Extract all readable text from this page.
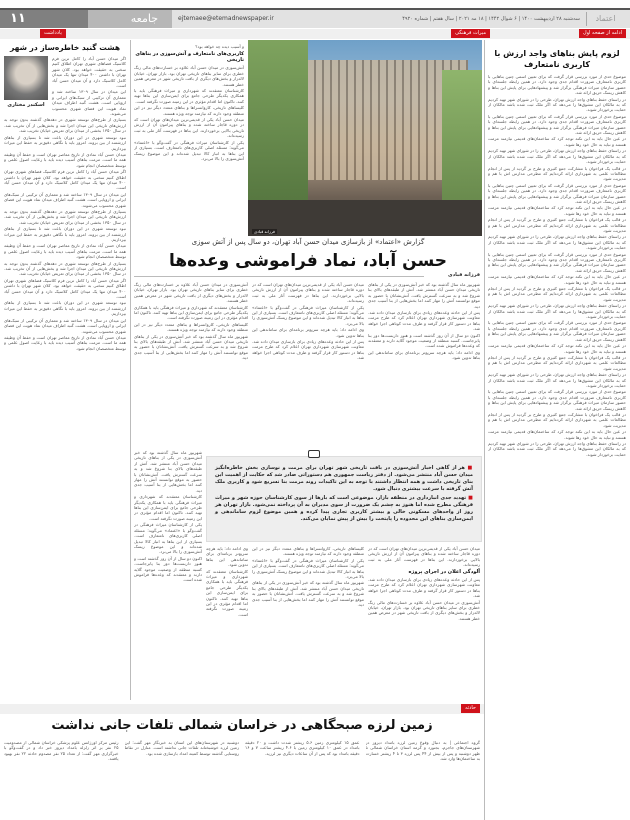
۱۱	جامعه	ejtemaee@etemadnewspaper.ir	سه‌شنبه ۲۸ اردیبهشت ۱۴۰۰ | ۶ شوال ۱۴۴۲ | ۱۸ مه ۲۰۲۱ | سال هفتم | شماره ۴۹۲۰	اعتماد
ادامه از صفحه اول
میراث فرهنگی
یادداشت
لزوم پایش بناهای واجد ارزش با کاربری نامتعارف

موضوع حدی از مورد بررسی قرار گرفت که برای تعیین اسمی چنین بناهایی با کاربری نامتعارف ضرورت اقدام جدی وجود دارد. در همین رابطه جلسه‌ای با حضور سازمان میراث فرهنگی برگزار شد و پیشنهادهایی برای پایش این بناها و کاهش ریسک حریق ارائه شد.

در راستای حفظ بناهای واجد ارزش تهران، طرحی را در شورای شهر تهیه کردیم که به مالکان این مشوق‌ها را می‌دهد که اگر ملک ثبت شده باشد مالکان از حمایت برخوردار شوند.

موضوع حدی از مورد بررسی قرار گرفت که برای تعیین اسمی چنین بناهایی با کاربری نامتعارف ضرورت اقدام جدی وجود دارد. در همین رابطه جلسه‌ای با حضور سازمان میراث فرهنگی برگزار شد و پیشنهادهایی برای پایش این بناها و کاهش ریسک حریق ارائه شد.

در عین حال باید به این نکته توجه کرد که ساختمان‌های قدیمی نیازمند مرمت هستند و نباید به حال خود رها شوند.

در راستای حفظ بناهای واجد ارزش تهران، طرحی را در شورای شهر تهیه کردیم که به مالکان این مشوق‌ها را می‌دهد که اگر ملک ثبت شده باشد مالکان از حمایت برخوردار شوند.

در قالب یک فراخوان با مشارکت جمع کثیری و طرح بر گردید از پس از انجام مطالعات علمی به شهرداری ارائه کرده‌ایم که مطرحی مدارس اش با هم و مدیریت شود.

موضوع حدی از مورد بررسی قرار گرفت که برای تعیین اسمی چنین بناهایی با کاربری نامتعارف ضرورت اقدام جدی وجود دارد. در همین رابطه جلسه‌ای با حضور سازمان میراث فرهنگی برگزار شد و پیشنهادهایی برای پایش این بناها و کاهش ریسک حریق ارائه شد.

در عین حال باید به این نکته توجه کرد که ساختمان‌های قدیمی نیازمند مرمت هستند و نباید به حال خود رها شوند.

در قالب یک فراخوان با مشارکت جمع کثیری و طرح بر گردید از پس از انجام مطالعات علمی به شهرداری ارائه کرده‌ایم که مطرحی مدارس اش با هم و مدیریت شود.

در راستای حفظ بناهای واجد ارزش تهران، طرحی را در شورای شهر تهیه کردیم که به مالکان این مشوق‌ها را می‌دهد که اگر ملک ثبت شده باشد مالکان از حمایت برخوردار شوند.

موضوع حدی از مورد بررسی قرار گرفت که برای تعیین اسمی چنین بناهایی با کاربری نامتعارف ضرورت اقدام جدی وجود دارد. در همین رابطه جلسه‌ای با حضور سازمان میراث فرهنگی برگزار شد و پیشنهادهایی برای پایش این بناها و کاهش ریسک حریق ارائه شد.

در عین حال باید به این نکته توجه کرد که ساختمان‌های قدیمی نیازمند مرمت هستند و نباید به حال خود رها شوند.

در قالب یک فراخوان با مشارکت جمع کثیری و طرح بر گردید از پس از انجام مطالعات علمی به شهرداری ارائه کرده‌ایم که مطرحی مدارس اش با هم و مدیریت شود.

در راستای حفظ بناهای واجد ارزش تهران، طرحی را در شورای شهر تهیه کردیم که به مالکان این مشوق‌ها را می‌دهد که اگر ملک ثبت شده باشد مالکان از حمایت برخوردار شوند.

موضوع حدی از مورد بررسی قرار گرفت که برای تعیین اسمی چنین بناهایی با کاربری نامتعارف ضرورت اقدام جدی وجود دارد. در همین رابطه جلسه‌ای با حضور سازمان میراث فرهنگی برگزار شد و پیشنهادهایی برای پایش این بناها و کاهش ریسک حریق ارائه شد.

در عین حال باید به این نکته توجه کرد که ساختمان‌های قدیمی نیازمند مرمت هستند و نباید به حال خود رها شوند.

در قالب یک فراخوان با مشارکت جمع کثیری و طرح بر گردید از پس از انجام مطالعات علمی به شهرداری ارائه کرده‌ایم که مطرحی مدارس اش با هم و مدیریت شود.

در راستای حفظ بناهای واجد ارزش تهران، طرحی را در شورای شهر تهیه کردیم که به مالکان این مشوق‌ها را می‌دهد که اگر ملک ثبت شده باشد مالکان از حمایت برخوردار شوند.

موضوع حدی از مورد بررسی قرار گرفت که برای تعیین اسمی چنین بناهایی با کاربری نامتعارف ضرورت اقدام جدی وجود دارد. در همین رابطه جلسه‌ای با حضور سازمان میراث فرهنگی برگزار شد و پیشنهادهایی برای پایش این بناها و کاهش ریسک حریق ارائه شد.

در قالب یک فراخوان با مشارکت جمع کثیری و طرح بر گردید از پس از انجام مطالعات علمی به شهرداری ارائه کرده‌ایم که مطرحی مدارس اش با هم و مدیریت شود.

در عین حال باید به این نکته توجه کرد که ساختمان‌های قدیمی نیازمند مرمت هستند و نباید به حال خود رها شوند.

در راستای حفظ بناهای واجد ارزش تهران، طرحی را در شورای شهر تهیه کردیم که به مالکان این مشوق‌ها را می‌دهد که اگر ملک ثبت شده باشد مالکان از حمایت برخوردار شوند.

فرزانه قبادی
و آسیب دیده چه خواهد بود؟
کاربری‌های نامتعارف و آتش‌سوزی در بناهای تاریخی

آتش‌سوزی در میدان حسن آباد علاوه بر خسارت‌های مالی زنگ خطری برای سایر بناهای تاریخی تهران بود. بازار تهران، خیابان لاله‌زار و بخش‌های دیگری از بافت تاریخی شهر در معرض همین خطر هستند.

کارشناسان معتقدند که شهرداری و میراث فرهنگی باید با همکاری یکدیگر طرحی جامع برای ایمن‌سازی این بناها تهیه کنند. تاکنون اما اقدام مؤثری در این زمینه صورت نگرفته است.

کلیساهای تاریخی، کاروانسراها و بناهای متعدد دیگر نیز در این منطقه وجود دارند که نیازمند توجه ویژه هستند.

میدان حسن آباد یکی از قدیمی‌ترین میدان‌های تهران است که در دوره قاجار ساخته شده و بناهای پیرامون آن از ارزش تاریخی بالایی برخوردارند. این بناها در فهرست آثار ملی به ثبت رسیده‌اند.

یکی از کارشناسان میراث فرهنگی در گفت‌وگو با «اعتماد» می‌گوید: مسئله اصلی کاربری‌های نامتعارف است. بسیاری از این بناها به انبار کالا تبدیل شده‌اند و این موضوع ریسک آتش‌سوزی را بالا می‌برد.

گزارش «اعتماد» از بازسازی میدان حسن آباد تهران، دو سال پس از آتش سوزی
حسن آباد، نماد فراموشی وعده‌ها
فرزانه قبادی

شهریور ماه سال گذشته بود که خبر آتش‌سوزی در یکی از بناهای تاریخی میدان حسن آباد منتشر شد. آتش از طبقه‌های بالای بنا شروع شد و به سرعت گسترش یافت. آتش‌نشانان با حضور به موقع توانستند آتش را مهار کنند اما بخش‌هایی از بنا آسیب جدی دید.

پس از این حادثه وعده‌های زیادی برای بازسازی میدان داده شد. معاونت شهرسازی شهرداری تهران اعلام کرد که طرح مرمت بناها در دستور کار قرار گرفته و ظرف مدت کوتاهی اجرا خواهد شد.

اکنون دو سال از آن روز گذشته است و هنوز داربست‌ها دور بنا پابرجاست. کسبه منطقه از وضعیت موجود گلایه دارند و معتقدند که وعده‌ها فراموش شده است.

وی ادامه داد: باید هرچه سریع‌تر برنامه‌ای برای ساماندهی این بناها تدوین شود.

میدان حسن آباد یکی از قدیمی‌ترین میدان‌های تهران است که در دوره قاجار ساخته شده و بناهای پیرامون آن از ارزش تاریخی بالایی برخوردارند. این بناها در فهرست آثار ملی به ثبت رسیده‌اند.

یکی از کارشناسان میراث فرهنگی در گفت‌وگو با «اعتماد» می‌گوید: مسئله اصلی کاربری‌های نامتعارف است. بسیاری از این بناها به انبار کالا تبدیل شده‌اند و این موضوع ریسک آتش‌سوزی را بالا می‌برد.

وی ادامه داد: باید هرچه سریع‌تر برنامه‌ای برای ساماندهی این بناها تدوین شود.

پس از این حادثه وعده‌های زیادی برای بازسازی میدان داده شد. معاونت شهرسازی شهرداری تهران اعلام کرد که طرح مرمت بناها در دستور کار قرار گرفته و ظرف مدت کوتاهی اجرا خواهد شد.

آتش‌سوزی در میدان حسن آباد علاوه بر خسارت‌های مالی زنگ خطری برای سایر بناهای تاریخی تهران بود. بازار تهران، خیابان لاله‌زار و بخش‌های دیگری از بافت تاریخی شهر در معرض همین خطر هستند.

کارشناسان معتقدند که شهرداری و میراث فرهنگی باید با همکاری یکدیگر طرحی جامع برای ایمن‌سازی این بناها تهیه کنند. تاکنون اما اقدام مؤثری در این زمینه صورت نگرفته است.

کلیساهای تاریخی، کاروانسراها و بناهای متعدد دیگر نیز در این منطقه وجود دارند که نیازمند توجه ویژه هستند.

شهریور ماه سال گذشته بود که خبر آتش‌سوزی در یکی از بناهای تاریخی میدان حسن آباد منتشر شد. آتش از طبقه‌های بالای بنا شروع شد و به سرعت گسترش یافت. آتش‌نشانان با حضور به موقع توانستند آتش را مهار کنند اما بخش‌هایی از بنا آسیب جدی دید.

■ هر از گاهی اخبار آتش‌سوزی در بافت تاریخی شهر تهران برای مرمت و نوسازی بخش خاطره‌انگیز میدان حسن آباد منتشر می‌شود. از دفتر ریاست جمهوری هم دستوراتی صادر شد که حکایت از اهمیت این بنای تاریخی داشت و همه انتظار داشتند با توجه به این تاکیدات روند مرمت بنا تسریع شود و کاربری ملک آتش گرفته با سرعت بیشتری دنبال شود.
■ تهدید جدی انبارداری در منطقه بازار، موضوعی است که بارها از سوی کارشناسان حوزه شهر و میراث فرهنگی مطرح شده اما هنوز به چشم یک ضرورت از سوی مدیران به آن پرداخته نمی‌شود. بازار تهران هر روز از واحدهای مسکونی خالی و بیشتر کاربری تجاری پیدا کرده و همین موضوع لزوم ساماندهی و ایمن‌سازی بناهای این محدوده را پایتخت را بیش از پیش نمایان می‌کند.

شهریور ماه سال گذشته بود که خبر آتش‌سوزی در یکی از بناهای تاریخی میدان حسن آباد منتشر شد. آتش از طبقه‌های بالای بنا شروع شد و به سرعت گسترش یافت. آتش‌نشانان با حضور به موقع توانستند آتش را مهار کنند اما بخش‌هایی از بنا آسیب جدی دید.

کارشناسان معتقدند که شهرداری و میراث فرهنگی باید با همکاری یکدیگر طرحی جامع برای ایمن‌سازی این بناها تهیه کنند. تاکنون اما اقدام مؤثری در این زمینه صورت نگرفته است.

یکی از کارشناسان میراث فرهنگی در گفت‌وگو با «اعتماد» می‌گوید: مسئله اصلی کاربری‌های نامتعارف است. بسیاری از این بناها به انبار کالا تبدیل شده‌اند و این موضوع ریسک آتش‌سوزی را بالا می‌برد.

اکنون دو سال از آن روز گذشته است و هنوز داربست‌ها دور بنا پابرجاست. کسبه منطقه از وضعیت موجود گلایه دارند و معتقدند که وعده‌ها فراموش شده است.

میدان حسن آباد یکی از قدیمی‌ترین میدان‌های تهران است که در دوره قاجار ساخته شده و بناهای پیرامون آن از ارزش تاریخی بالایی برخوردارند. این بناها در فهرست آثار ملی به ثبت رسیده‌اند.

آلودگی اعلان در اجرای پروژه

پس از این حادثه وعده‌های زیادی برای بازسازی میدان داده شد. معاونت شهرسازی شهرداری تهران اعلام کرد که طرح مرمت بناها در دستور کار قرار گرفته و ظرف مدت کوتاهی اجرا خواهد شد.

آتش‌سوزی در میدان حسن آباد علاوه بر خسارت‌های مالی زنگ خطری برای سایر بناهای تاریخی تهران بود. بازار تهران، خیابان لاله‌زار و بخش‌های دیگری از بافت تاریخی شهر در معرض همین خطر هستند.

کلیساهای تاریخی، کاروانسراها و بناهای متعدد دیگر نیز در این منطقه وجود دارند که نیازمند توجه ویژه هستند.

یکی از کارشناسان میراث فرهنگی در گفت‌وگو با «اعتماد» می‌گوید: مسئله اصلی کاربری‌های نامتعارف است. بسیاری از این بناها به انبار کالا تبدیل شده‌اند و این موضوع ریسک آتش‌سوزی را بالا می‌برد.

شهریور ماه سال گذشته بود که خبر آتش‌سوزی در یکی از بناهای تاریخی میدان حسن آباد منتشر شد. آتش از طبقه‌های بالای بنا شروع شد و به سرعت گسترش یافت. آتش‌نشانان با حضور به موقع توانستند آتش را مهار کنند اما بخش‌هایی از بنا آسیب جدی دید.

وی ادامه داد: باید هرچه سریع‌تر برنامه‌ای برای ساماندهی این بناها تدوین شود.

کارشناسان معتقدند که شهرداری و میراث فرهنگی باید با همکاری یکدیگر طرحی جامع برای ایمن‌سازی این بناها تهیه کنند. تاکنون اما اقدام مؤثری در این زمینه صورت نگرفته است.

هشت گنبد خاطره‌ساز در شهر
اسکندر مختاری

اگر میدان حسن آباد را کامل ترین فرم کلاسیک فضاهای شهری تهران اطلاق کنیم سخنی به حقیقت خواهد بود. کلان شهر تهران با داشتن ۴۰۰ میدان تنها یک میدان کامل کلاسیک دارد و آن میدان حسن آباد است.

این میدان در سال ۱۳۰۹ ساخته شد و معماری آن ترکیبی از سبک‌های ایرانی و اروپایی است. هشت گنبد اطراف میدان نماد هویت این فضای شهری محسوب می‌شوند.

بسیاری از طرح‌های توسعه شهری در دهه‌های گذشته بدون توجه به ارزش‌های تاریخی این میدان اجرا شد و بخش‌هایی از آن تخریب شد. در سال ۱۳۵۰ بخشی از میدان برای تعریض خیابان تخریب شد.

نبود توسعه شهری در این دوران باعث شد تا بسیاری از بناهای ارزشمند از بین بروند. امروز باید با نگاهی دقیق‌تر به حفظ این میراث بپردازیم.

میدان حسن آباد نمادی از تاریخ معاصر تهران است و حفظ آن وظیفه همه ما است. مرمت بناهای آسیب دیده باید با رعایت اصول علمی و توسط متخصصان انجام شود.

اگر میدان حسن آباد را کامل ترین فرم کلاسیک فضاهای شهری تهران اطلاق کنیم سخنی به حقیقت خواهد بود. کلان شهر تهران با داشتن ۴۰۰ میدان تنها یک میدان کامل کلاسیک دارد و آن میدان حسن آباد است.

این میدان در سال ۱۳۰۹ ساخته شد و معماری آن ترکیبی از سبک‌های ایرانی و اروپایی است. هشت گنبد اطراف میدان نماد هویت این فضای شهری محسوب می‌شوند.

بسیاری از طرح‌های توسعه شهری در دهه‌های گذشته بدون توجه به ارزش‌های تاریخی این میدان اجرا شد و بخش‌هایی از آن تخریب شد. در سال ۱۳۵۰ بخشی از میدان برای تعریض خیابان تخریب شد.

نبود توسعه شهری در این دوران باعث شد تا بسیاری از بناهای ارزشمند از بین بروند. امروز باید با نگاهی دقیق‌تر به حفظ این میراث بپردازیم.

میدان حسن آباد نمادی از تاریخ معاصر تهران است و حفظ آن وظیفه همه ما است. مرمت بناهای آسیب دیده باید با رعایت اصول علمی و توسط متخصصان انجام شود.

بسیاری از طرح‌های توسعه شهری در دهه‌های گذشته بدون توجه به ارزش‌های تاریخی این میدان اجرا شد و بخش‌هایی از آن تخریب شد. در سال ۱۳۵۰ بخشی از میدان برای تعریض خیابان تخریب شد.

اگر میدان حسن آباد را کامل ترین فرم کلاسیک فضاهای شهری تهران اطلاق کنیم سخنی به حقیقت خواهد بود. کلان شهر تهران با داشتن ۴۰۰ میدان تنها یک میدان کامل کلاسیک دارد و آن میدان حسن آباد است.

نبود توسعه شهری در این دوران باعث شد تا بسیاری از بناهای ارزشمند از بین بروند. امروز باید با نگاهی دقیق‌تر به حفظ این میراث بپردازیم.

این میدان در سال ۱۳۰۹ ساخته شد و معماری آن ترکیبی از سبک‌های ایرانی و اروپایی است. هشت گنبد اطراف میدان نماد هویت این فضای شهری محسوب می‌شوند.

میدان حسن آباد نمادی از تاریخ معاصر تهران است و حفظ آن وظیفه همه ما است. مرمت بناهای آسیب دیده باید با رعایت اصول علمی و توسط متخصصان انجام شود.

حادثه
زمین لرزه صبحگاهی در خراسان شمالی تلفات جانی نداشت
گروه اجتماعی | به دنبال وقوع زمین لرزه بامداد دیروز در شهرستان‌های جاجرم، بجنورد و گرمه استان خراسان شمالی تا ظهر دوشنبه و پس از بیش از ۴۴ پس لرزه ۳ تا ۴ ریشتر خسارت به ساختمان‌ها وارد شد.
عمق ۱۵ کیلومتری زمین ۵.۶ ریشتر شدت داشت و ۲۰ دقیقه بامداد در عمق ۱۰ کیلومتری زمین با ۴.۶ ریشتر ساعت ۷ و ۱۶ دقیقه بامداد بود که پس از آن ساعات دیگری نیز لرزید.
دوشنبه در شهرستان‌های این استان به خبرنگار مهر گفت: این زمین لرزه خوشبختانه تلفات جانی نداشته است. منازل در نقاط روستایی گذشته توسط کمیته امداد بازسازی شده بود.
رئیس مرکز اورژانس علوم پزشکی خراسان شمالی از مصدومیت ۲۵ نفر بر اثر زلزله بامداد دیروز خبر داد و در گفت‌وگو با خبرگزاری مهر گفت: از تعداد ۲۵ نفر مصدوم حادثه ۲۲ نفر بهبود یافتند.
